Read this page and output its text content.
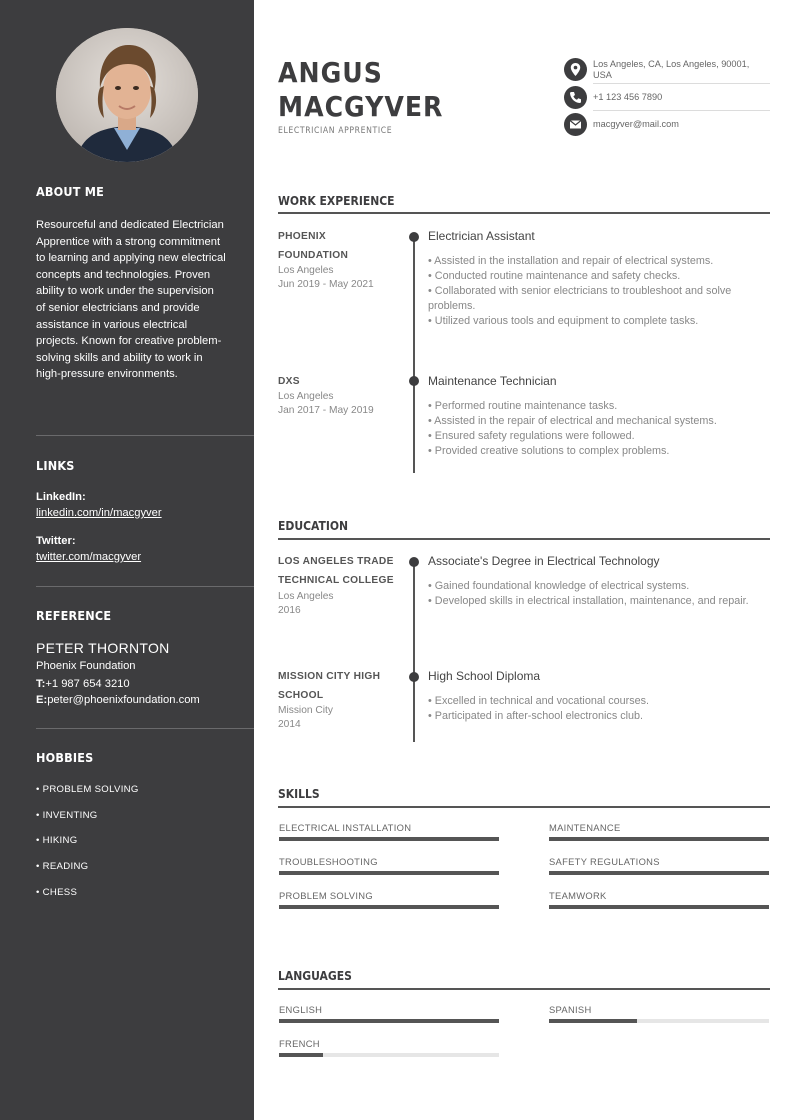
ABOUT ME
Resourceful and dedicated Electrician Apprentice with a strong commitment to learning and applying new electrical concepts and technologies. Proven ability to work under the supervision of senior electricians and provide assistance in various electrical projects. Known for creative problem-solving skills and ability to work in high-pressure environments.
LINKS
LinkedIn:
linkedin.com/in/macgyver
Twitter:
twitter.com/macgyver
REFERENCE
PETER THORNTON
Phoenix Foundation
T:+1 987 654 3210
E:peter@phoenixfoundation.com
HOBBIES
• PROBLEM SOLVING
• INVENTING
• HIKING
• READING
• CHESS
ANGUS
MACGYVER
ELECTRICIAN APPRENTICE
Los Angeles, CA, Los Angeles, 90001, USA
+1 123 456 7890
macgyver@mail.com
WORK EXPERIENCE
PHOENIX
FOUNDATION
Los Angeles
Jun 2019 - May 2021
Electrician Assistant
• Assisted in the installation and repair of electrical systems.
• Conducted routine maintenance and safety checks.
• Collaborated with senior electricians to troubleshoot and solve problems.
• Utilized various tools and equipment to complete tasks.
DXS
Los Angeles
Jan 2017 - May 2019
Maintenance Technician
• Performed routine maintenance tasks.
• Assisted in the repair of electrical and mechanical systems.
• Ensured safety regulations were followed.
• Provided creative solutions to complex problems.
EDUCATION
LOS ANGELES TRADE
TECHNICAL COLLEGE
Los Angeles
2016
Associate's Degree in Electrical Technology
• Gained foundational knowledge of electrical systems.
• Developed skills in electrical installation, maintenance, and repair.
MISSION CITY HIGH
SCHOOL
Mission City
2014
High School Diploma
• Excelled in technical and vocational courses.
• Participated in after-school electronics club.
SKILLS
ELECTRICAL INSTALLATION	MAINTENANCE
TROUBLESHOOTING	SAFETY REGULATIONS
PROBLEM SOLVING	TEAMWORK
LANGUAGES
ENGLISH	SPANISH
FRENCH
